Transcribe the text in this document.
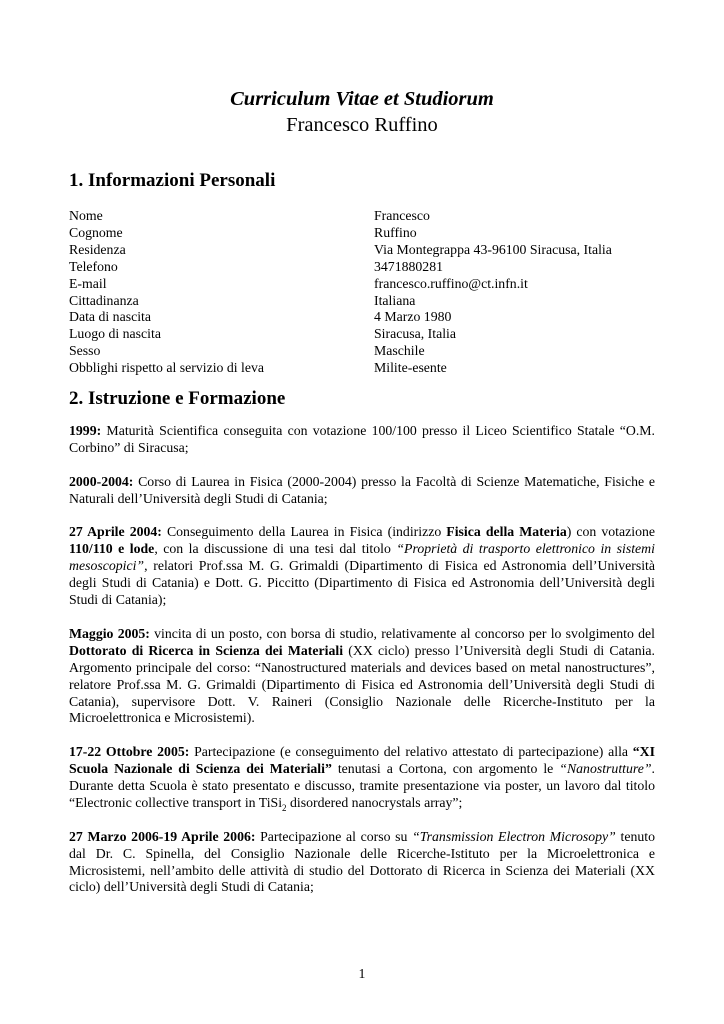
Curriculum Vitae et Studiorum
Francesco Ruffino
1. Informazioni Personali
Nome	Francesco
Cognome	Ruffino
Residenza	Via Montegrappa 43-96100 Siracusa, Italia
Telefono	3471880281
E-mail	francesco.ruffino@ct.infn.it
Cittadinanza	Italiana
Data di nascita	4 Marzo 1980
Luogo di nascita	Siracusa, Italia
Sesso	Maschile
Obblighi rispetto al servizio di leva	Milite-esente
2. Istruzione e Formazione

1999: Maturità Scientifica conseguita con votazione 100/100 presso il Liceo Scientifico Statale “O.M. Corbino” di Siracusa;

2000-2004: Corso di Laurea in Fisica (2000-2004) presso la Facoltà di Scienze Matematiche, Fisiche e Naturali dell’Università degli Studi di Catania;

27 Aprile 2004: Conseguimento della Laurea in Fisica (indirizzo Fisica della Materia) con votazione 110/110 e lode, con la discussione di una tesi dal titolo “Proprietà di trasporto elettronico in sistemi mesoscopici”, relatori Prof.ssa M. G. Grimaldi (Dipartimento di Fisica ed Astronomia dell’Università degli Studi di Catania) e Dott. G. Piccitto (Dipartimento di Fisica ed Astronomia dell’Università degli Studi di Catania);

Maggio 2005: vincita di un posto, con borsa di studio, relativamente al concorso per lo svolgimento del Dottorato di Ricerca in Scienza dei Materiali (XX ciclo) presso l’Università degli Studi di Catania. Argomento principale del corso: “Nanostructured materials and devices based on metal nanostructures”, relatore Prof.ssa M. G. Grimaldi (Dipartimento di Fisica ed Astronomia dell’Università degli Studi di Catania), supervisore Dott. V. Raineri (Consiglio Nazionale delle Ricerche-Instituto per la Microelettronica e Microsistemi).

17-22 Ottobre 2005: Partecipazione (e conseguimento del relativo attestato di partecipazione) alla “XI Scuola Nazionale di Scienza dei Materiali” tenutasi a Cortona, con argomento le “Nanostrutture”. Durante detta Scuola è stato presentato e discusso, tramite presentazione via poster, un lavoro dal titolo “Electronic collective transport in TiSi$_2$ disordered nanocrystals array”;

27 Marzo 2006-19 Aprile 2006: Partecipazione al corso su “Transmission Electron Microsopy” tenuto dal Dr. C. Spinella, del Consiglio Nazionale delle Ricerche-Istituto per la Microelettronica e Microsistemi, nell’ambito delle attività di studio del Dottorato di Ricerca in Scienza dei Materiali (XX ciclo) dell’Università degli Studi di Catania;

1
